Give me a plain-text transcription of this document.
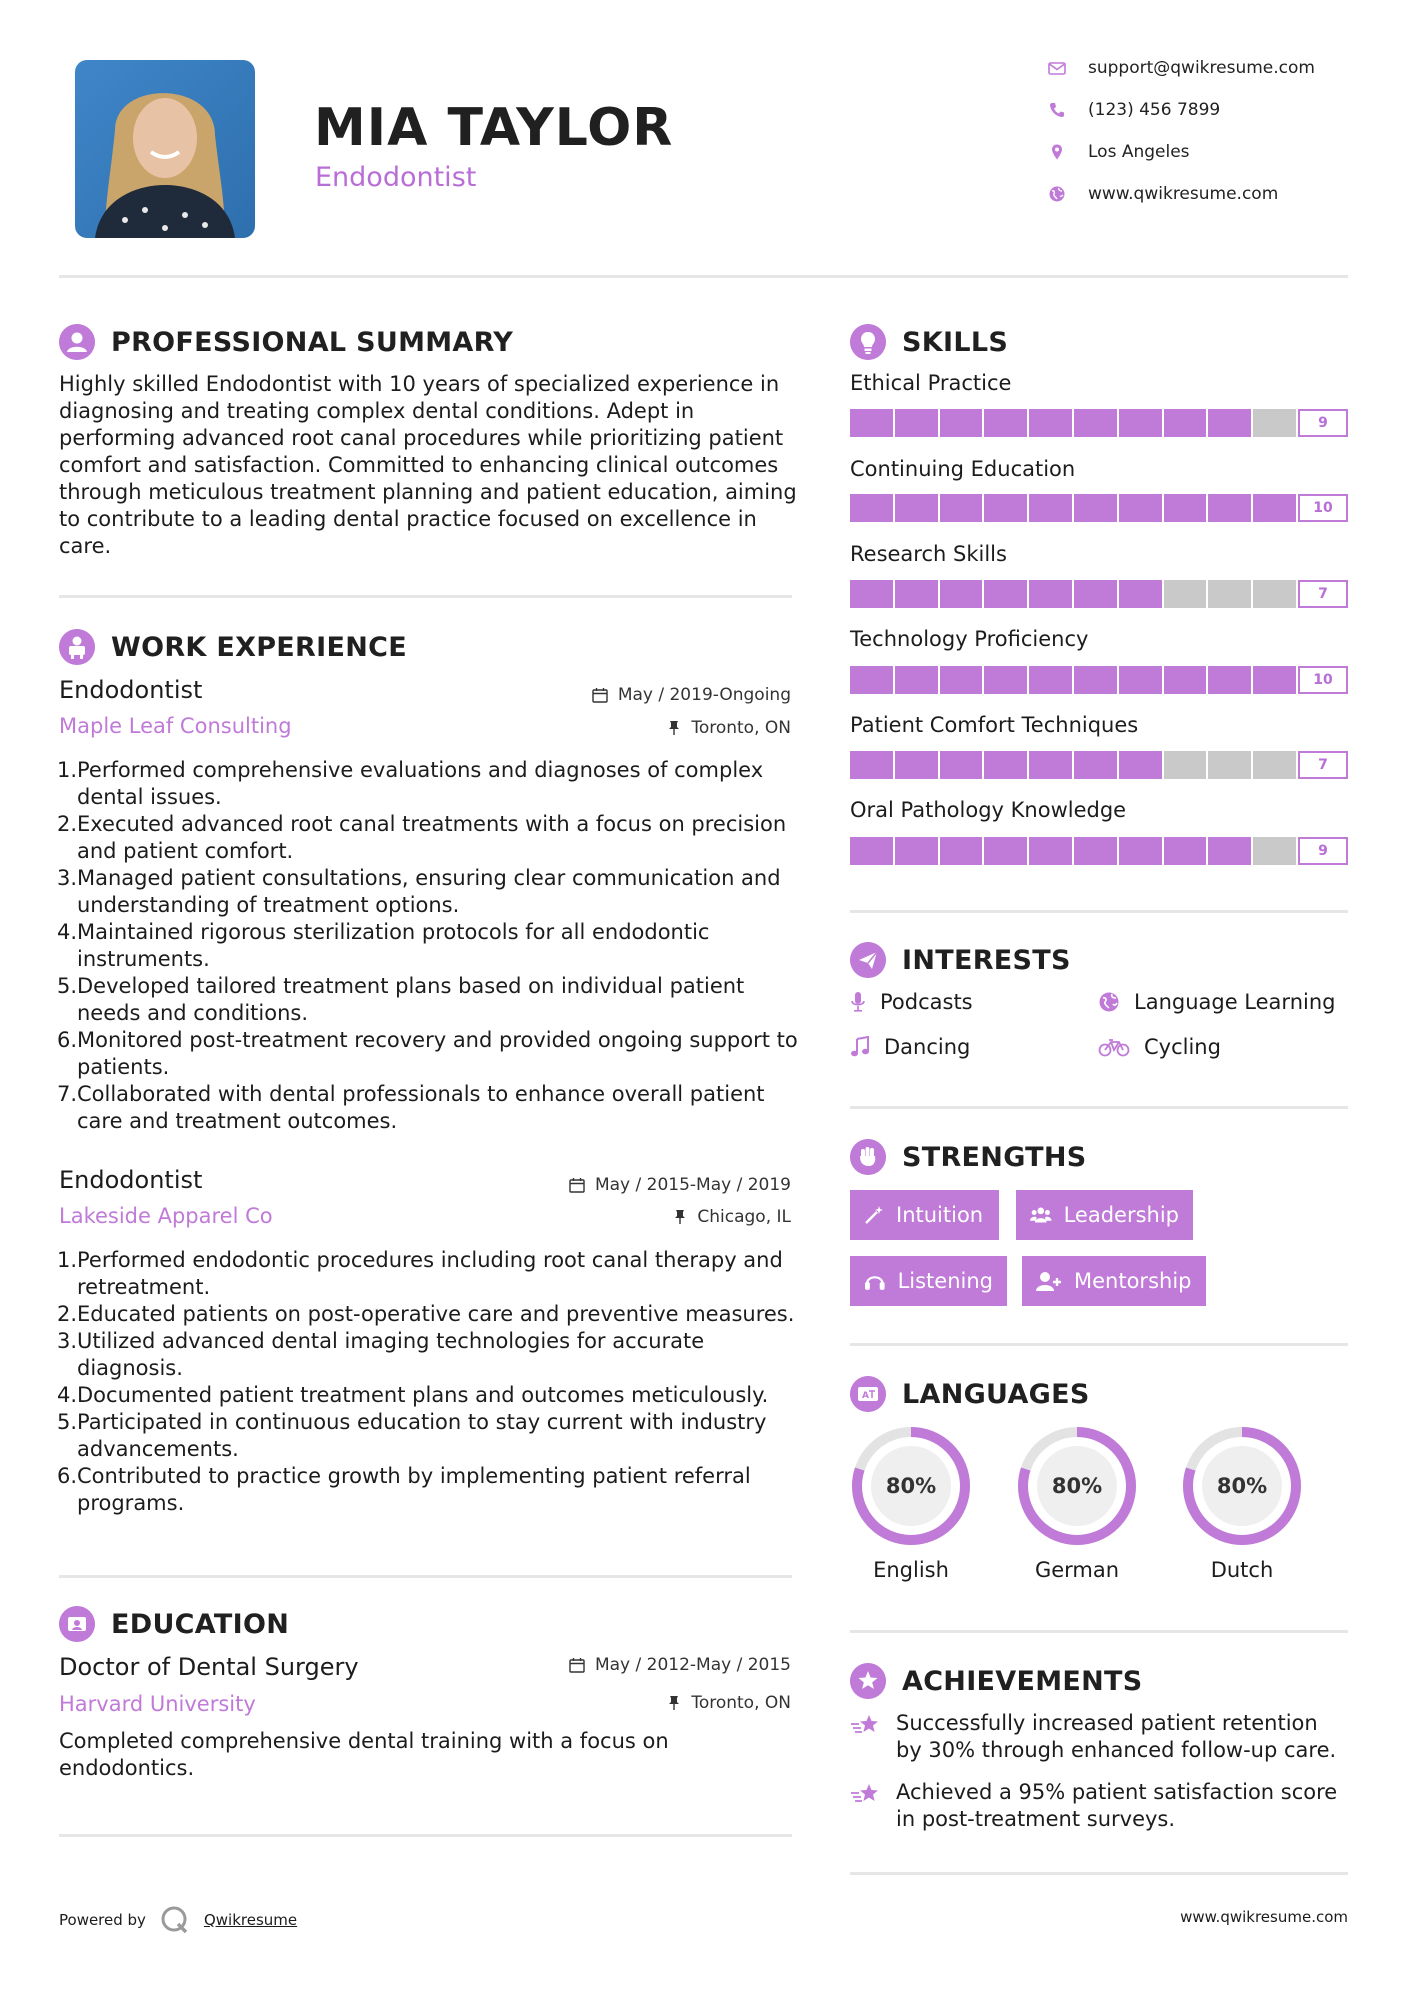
MIA TAYLOR
Endodontist
support@qwikresume.com
(123) 456 7899
Los Angeles
www.qwikresume.com
PROFESSIONAL SUMMARY
Highly skilled Endodontist with 10 years of specialized experience in diagnosing and treating complex dental conditions. Adept in performing advanced root canal procedures while prioritizing patient comfort and satisfaction. Committed to enhancing clinical outcomes through meticulous treatment planning and patient education, aiming to contribute to a leading dental practice focused on excellence in care.
WORK EXPERIENCE
Endodontist	May / 2019-Ongoing
Maple Leaf Consulting	Toronto, ON
1. Performed comprehensive evaluations and diagnoses of complex dental issues.
2. Executed advanced root canal treatments with a focus on precision and patient comfort.
3. Managed patient consultations, ensuring clear communication and understanding of treatment options.
4. Maintained rigorous sterilization protocols for all endodontic instruments.
5. Developed tailored treatment plans based on individual patient needs and conditions.
6. Monitored post-treatment recovery and provided ongoing support to patients.
7. Collaborated with dental professionals to enhance overall patient care and treatment outcomes.
Endodontist	May / 2015-May / 2019
Lakeside Apparel Co	Chicago, IL
1. Performed endodontic procedures including root canal therapy and retreatment.
2. Educated patients on post-operative care and preventive measures.
3. Utilized advanced dental imaging technologies for accurate diagnosis.
4. Documented patient treatment plans and outcomes meticulously.
5. Participated in continuous education to stay current with industry advancements.
6. Contributed to practice growth by implementing patient referral programs.
EDUCATION
Doctor of Dental Surgery	May / 2012-May / 2015
Harvard University	Toronto, ON
Completed comprehensive dental training with a focus on endodontics.
SKILLS
Ethical Practice
9
Continuing Education
10
Research Skills
7
Technology Proficiency
10
Patient Comfort Techniques
7
Oral Pathology Knowledge
9
INTERESTS
Podcasts	Language Learning
Dancing	Cycling
STRENGTHS
Intuition	Leadership
Listening	Mentorship
A LANGUAGES
80%
English
80%
German
80%
Dutch
ACHIEVEMENTS
Successfully increased patient retention by 30% through enhanced follow-up care.
Achieved a 95% patient satisfaction score in post-treatment surveys.
Powered by	Qwikresume	www.qwikresume.com
